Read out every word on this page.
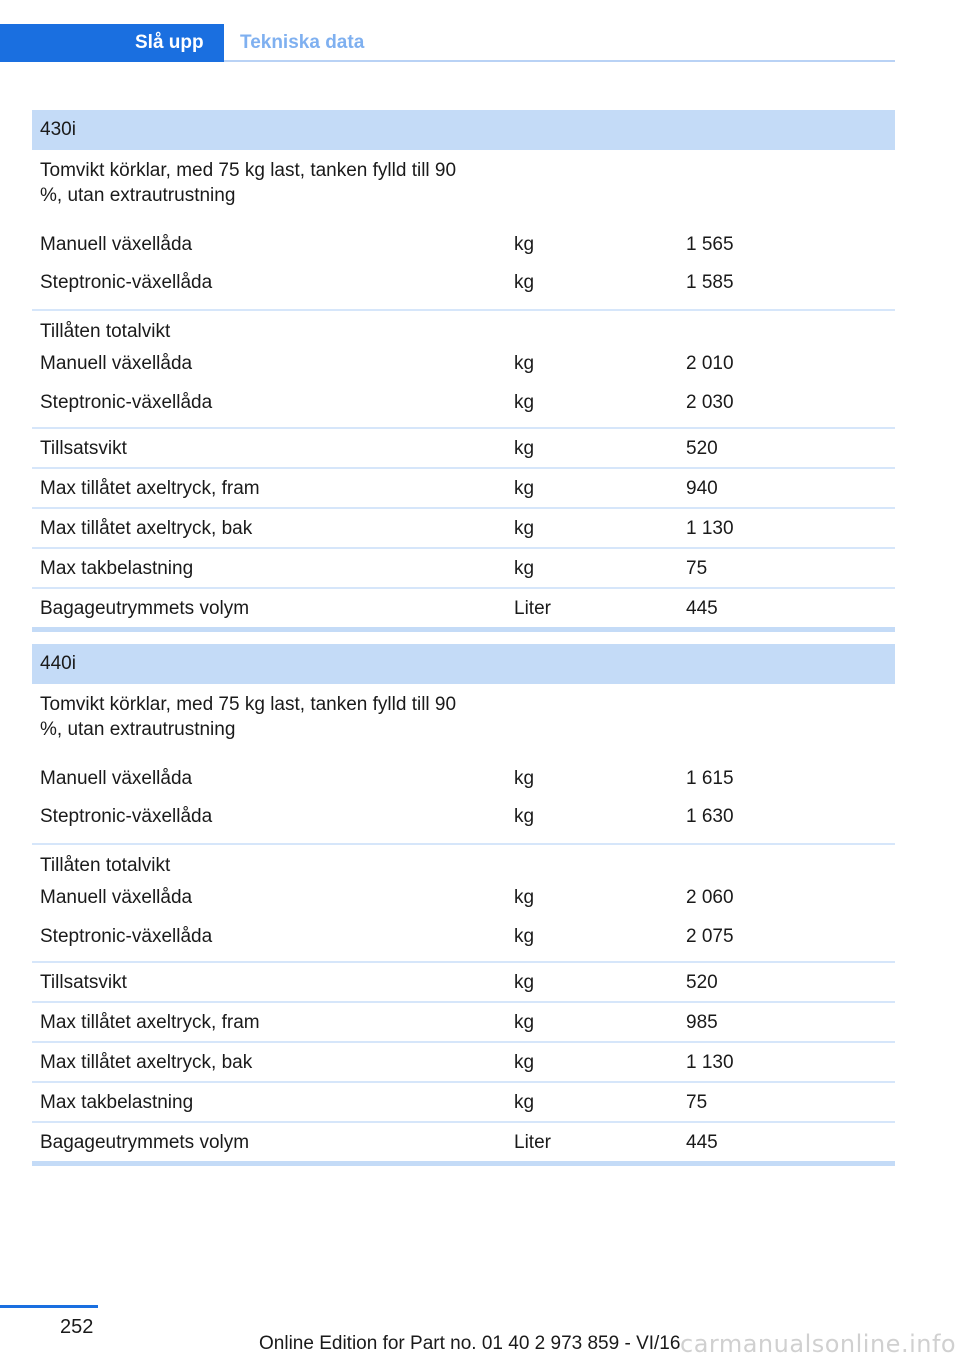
Slå upp	Tekniska data
430i
Tomvikt körklar, med 75 kg last, tanken fylld till 90 %, utan extrautrustning
Manuell växellåda	kg	1 565
Steptronic-växellåda	kg	1 585
Tillåten totalvikt
Manuell växellåda	kg	2 010
Steptronic-växellåda	kg	2 030
Tillsatsvikt	kg	520
Max tillåtet axeltryck, fram	kg	940
Max tillåtet axeltryck, bak	kg	1 130
Max takbelastning	kg	75
Bagageutrymmets volym	Liter	445
440i
Tomvikt körklar, med 75 kg last, tanken fylld till 90 %, utan extrautrustning
Manuell växellåda	kg	1 615
Steptronic-växellåda	kg	1 630
Tillåten totalvikt
Manuell växellåda	kg	2 060
Steptronic-växellåda	kg	2 075
Tillsatsvikt	kg	520
Max tillåtet axeltryck, fram	kg	985
Max tillåtet axeltryck, bak	kg	1 130
Max takbelastning	kg	75
Bagageutrymmets volym	Liter	445
252
Online Edition for Part no. 01 40 2 973 859 - VI/16 carmanualsonline.info
